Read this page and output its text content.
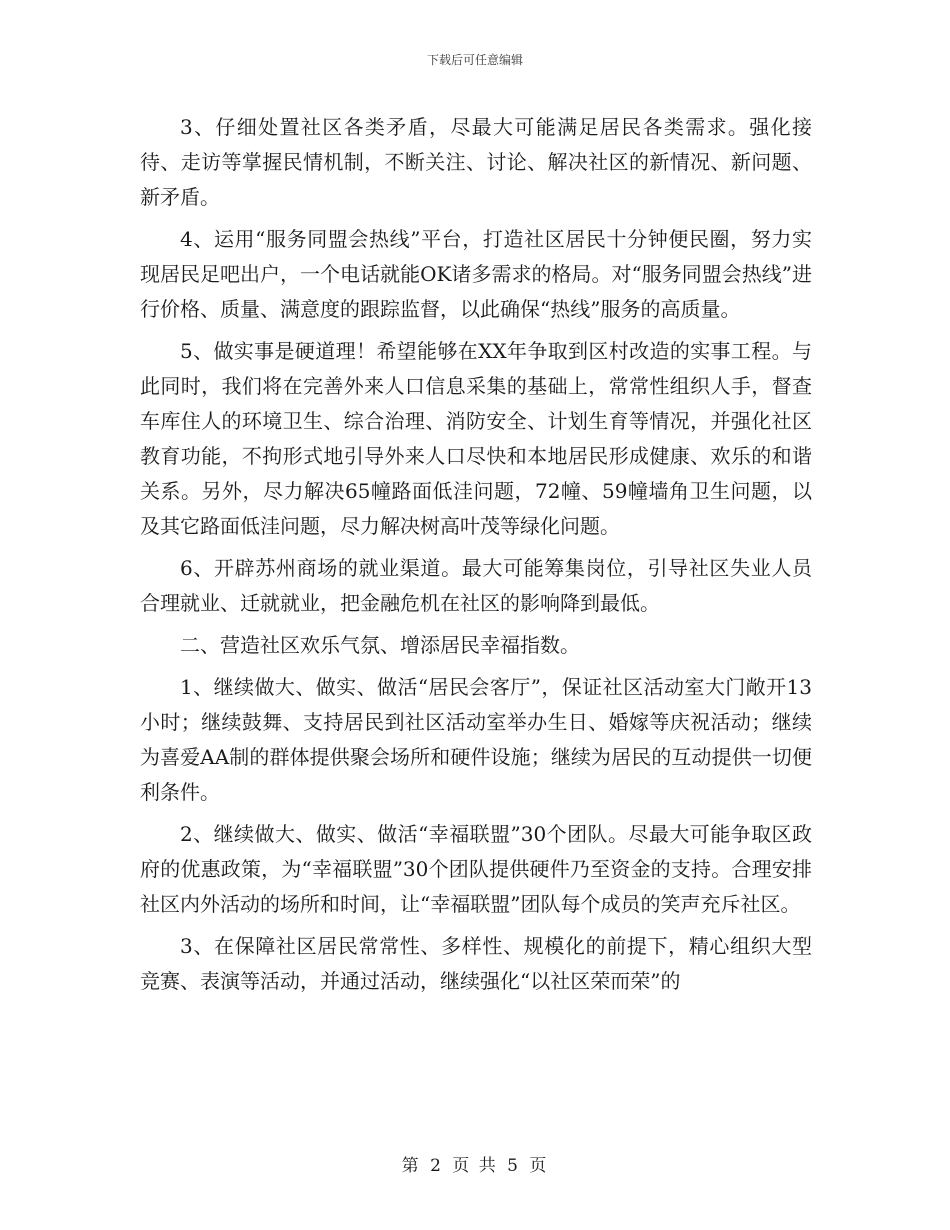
下载后可任意编辑

3、仔细处置社区各类矛盾，尽最大可能满足居民各类需求。强化接待、走访等掌握民情机制，不断关注、讨论、解决社区的新情况、新问题、新矛盾。

4、运用“服务同盟会热线”平台，打造社区居民十分钟便民圈，努力实现居民足吧出户，一个电话就能OK诸多需求的格局。对“服务同盟会热线”进行价格、质量、满意度的跟踪监督，以此确保“热线”服务的高质量。

5、做实事是硬道理！希望能够在XX年争取到区村改造的实事工程。与此同时，我们将在完善外来人口信息采集的基础上，常常性组织人手，督查车库住人的环境卫生、综合治理、消防安全、计划生育等情况，并强化社区教育功能，不拘形式地引导外来人口尽快和本地居民形成健康、欢乐的和谐关系。另外，尽力解决65幢路面低洼问题，72幢、59幢墙角卫生问题，以及其它路面低洼问题，尽力解决树高叶茂等绿化问题。

6、开辟苏州商场的就业渠道。最大可能筹集岗位，引导社区失业人员合理就业、迁就就业，把金融危机在社区的影响降到最低。

二、营造社区欢乐气氛、增添居民幸福指数。

1、继续做大、做实、做活“居民会客厅”，保证社区活动室大门敞开13小时；继续鼓舞、支持居民到社区活动室举办生日、婚嫁等庆祝活动；继续为喜爱AA制的群体提供聚会场所和硬件设施；继续为居民的互动提供一切便利条件。

2、继续做大、做实、做活“幸福联盟”30个团队。尽最大可能争取区政府的优惠政策，为“幸福联盟”30个团队提供硬件乃至资金的支持。合理安排社区内外活动的场所和时间，让“幸福联盟”团队每个成员的笑声充斥社区。

3、在保障社区居民常常性、多样性、规模化的前提下，精心组织大型竞赛、表演等活动，并通过活动，继续强化“以社区荣而荣”的

第 2 页 共 5 页
